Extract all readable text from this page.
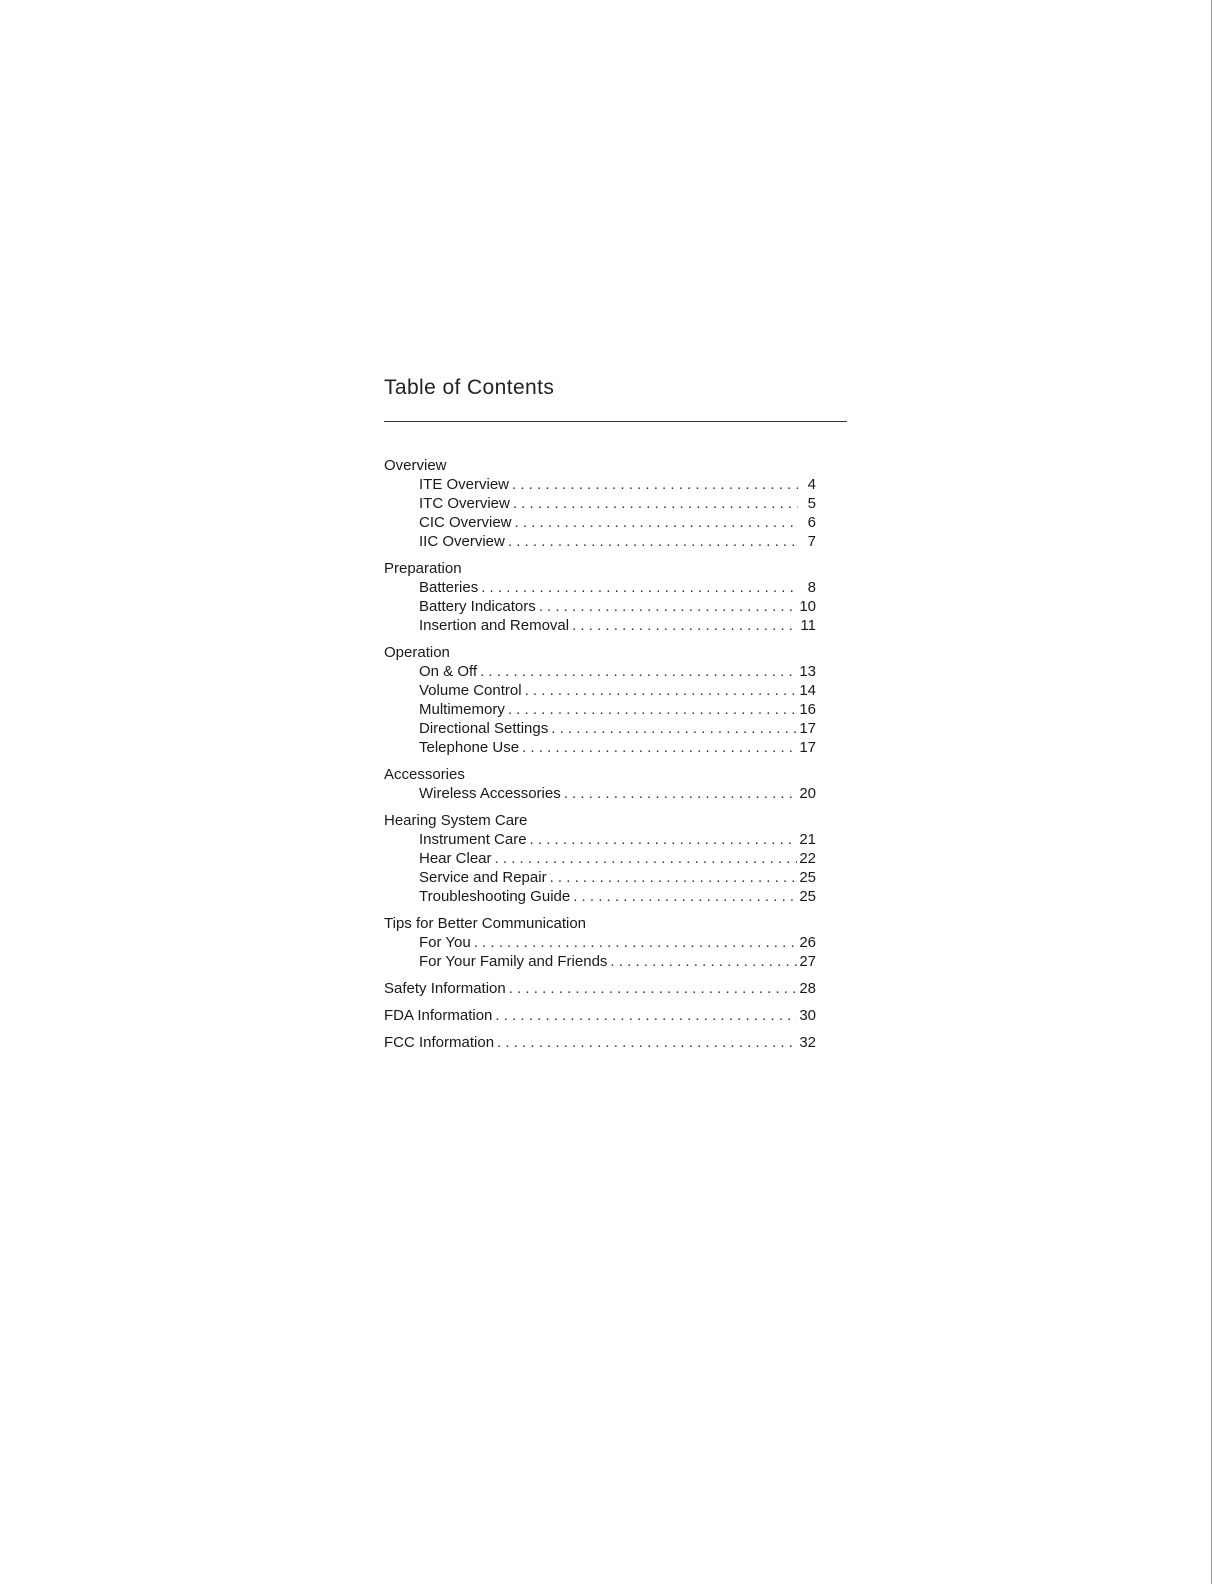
Table of Contents
Overview
ITE Overview . . .	4
ITC Overview . . .	5
CIC Overview . . .	6
IIC Overview . . .	7
Preparation
Batteries . . .	8
Battery Indicators . . .	10
Insertion and Removal . . .	11
Operation
On & Off . . .	13
Volume Control . . .	14
Multimemory . . .	16
Directional Settings . . .	17
Telephone Use . . .	17
Accessories
Wireless Accessories . . .	20
Hearing System Care
Instrument Care . . .	21
Hear Clear . . .	22
Service and Repair . . .	25
Troubleshooting Guide . . .	25
Tips for Better Communication
For You . . .	26
For Your Family and Friends . . .	27
Safety Information . . .	28
FDA Information . . .	30
FCC Information . . .	32
